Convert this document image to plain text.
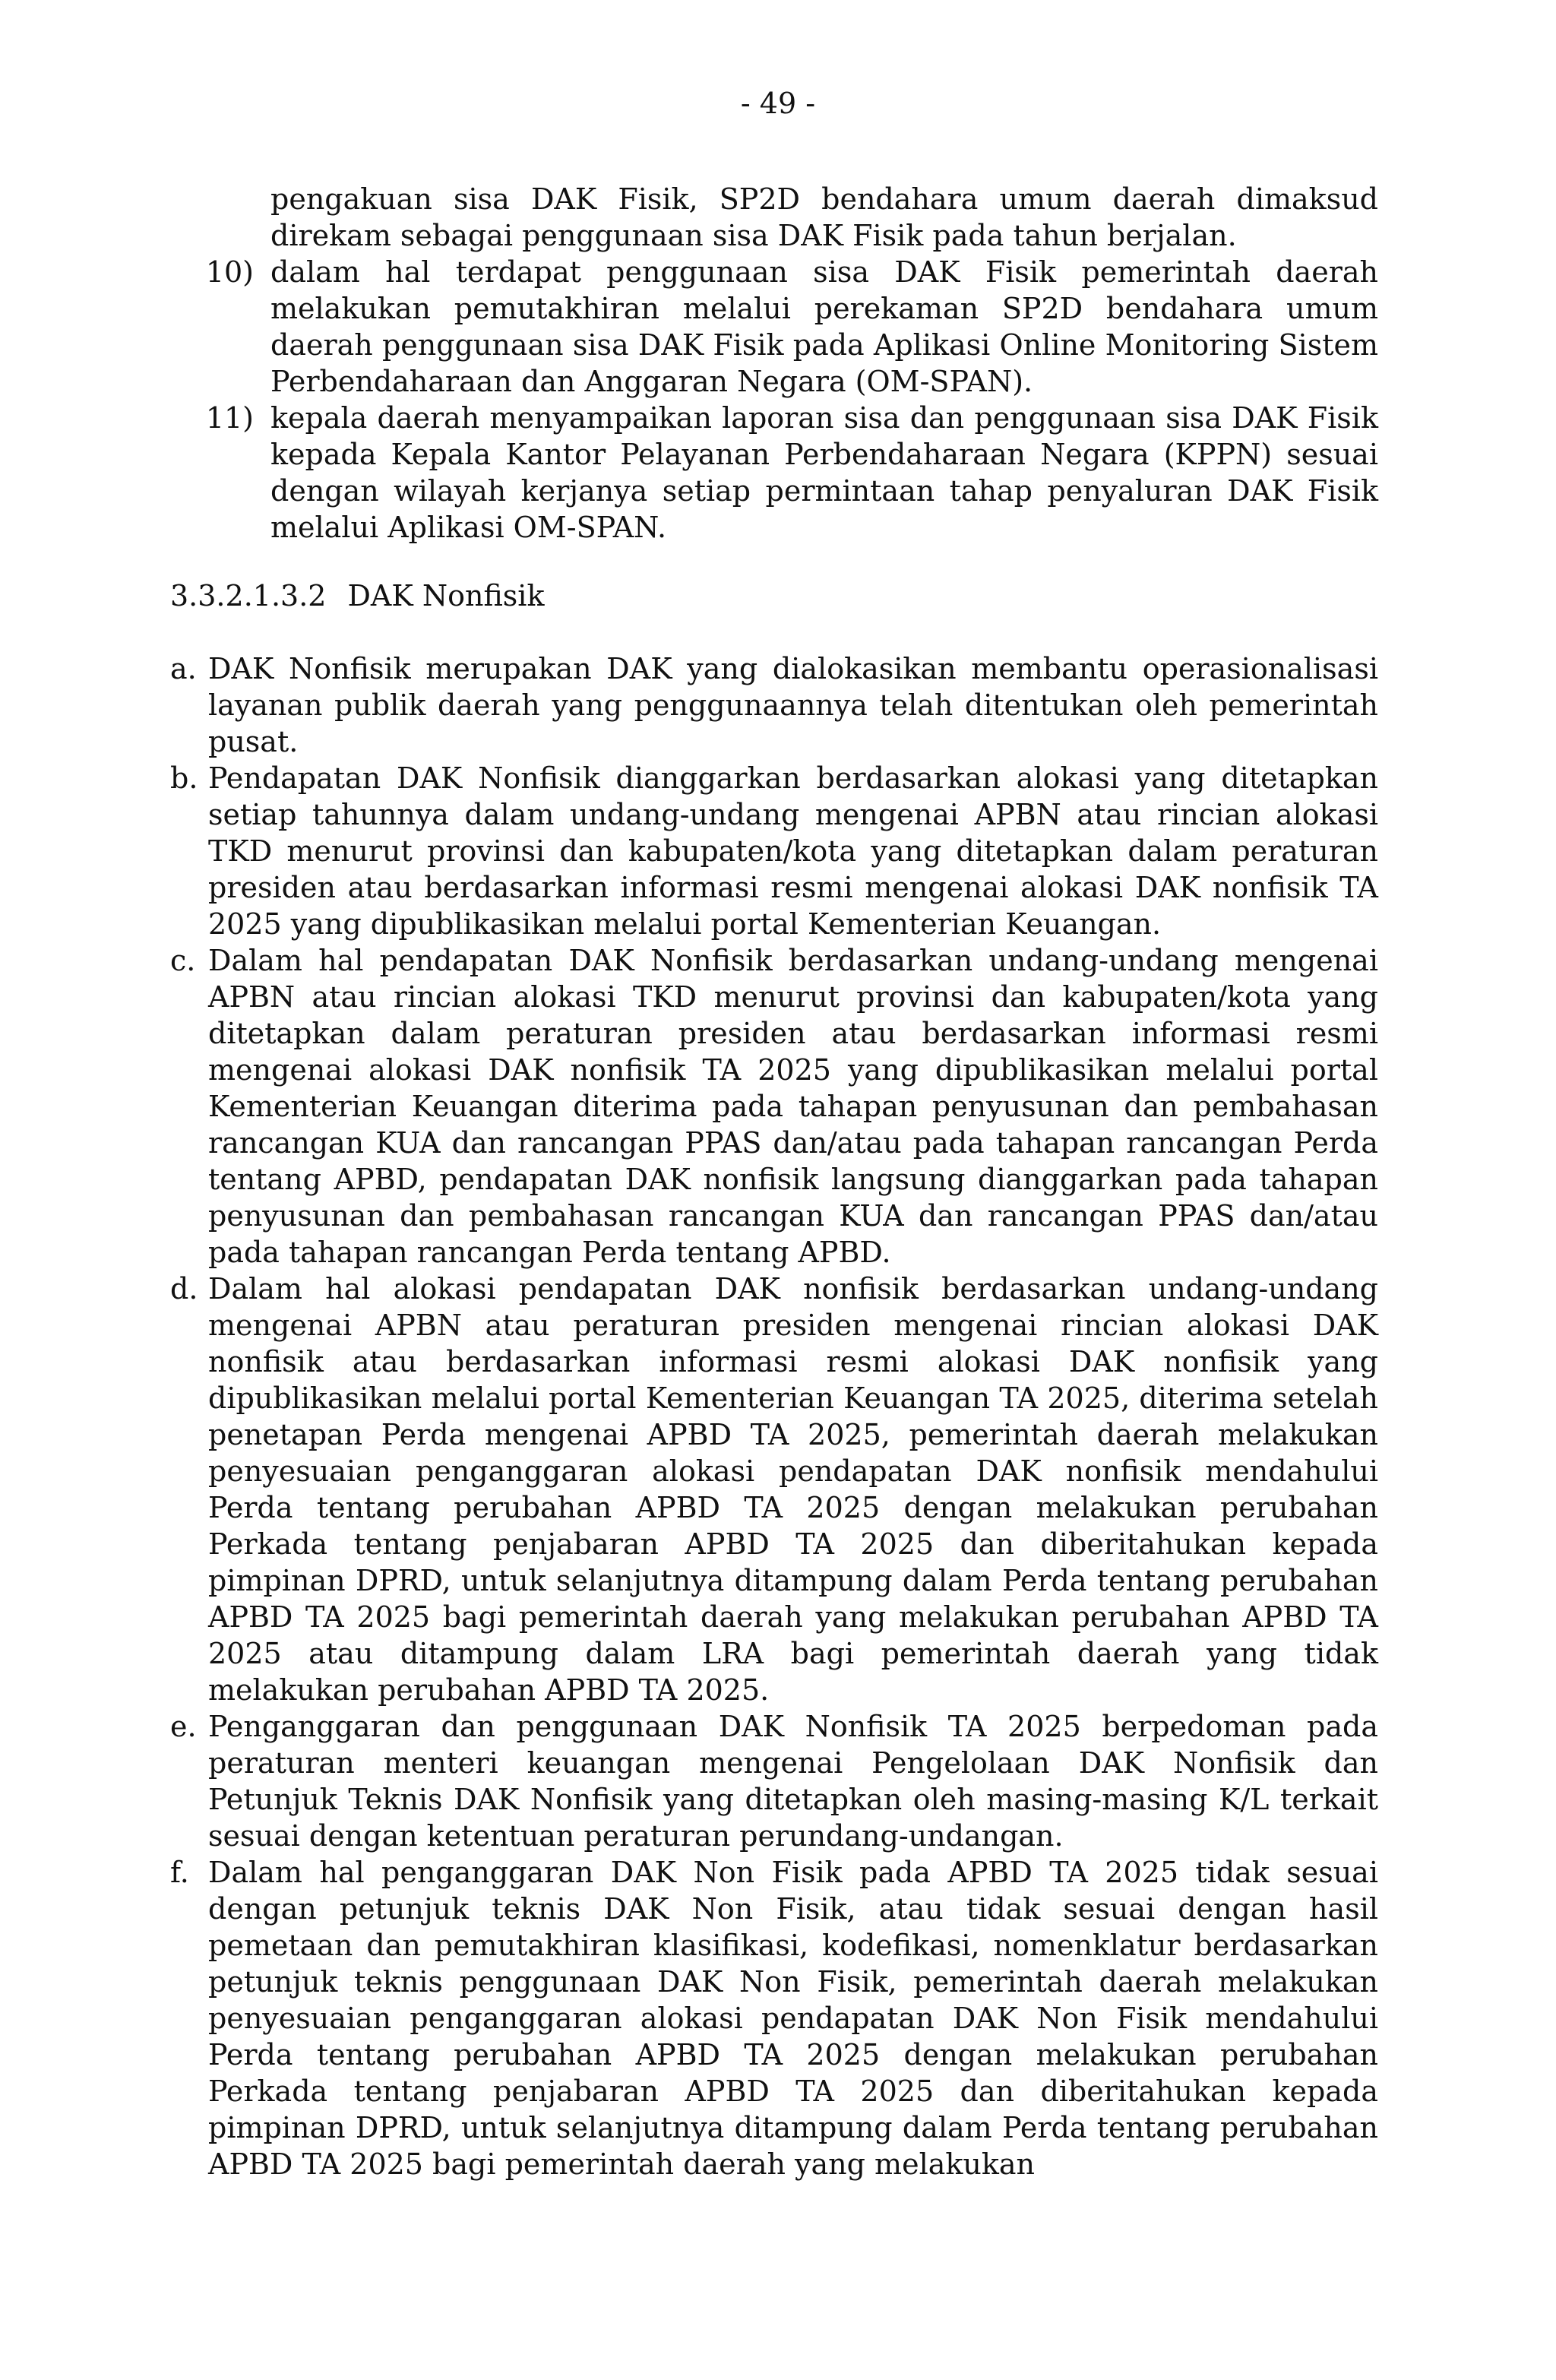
- 49 -
pengakuan sisa DAK Fisik, SP2D bendahara umum daerah dimaksud direkam sebagai penggunaan sisa DAK Fisik pada tahun berjalan.
10) dalam hal terdapat penggunaan sisa DAK Fisik pemerintah daerah melakukan pemutakhiran melalui perekaman SP2D bendahara umum daerah penggunaan sisa DAK Fisik pada Aplikasi Online Monitoring Sistem Perbendaharaan dan Anggaran Negara (OM-SPAN).
11) kepala daerah menyampaikan laporan sisa dan penggunaan sisa DAK Fisik kepada Kepala Kantor Pelayanan Perbendaharaan Negara (KPPN) sesuai dengan wilayah kerjanya setiap permintaan tahap penyaluran DAK Fisik melalui Aplikasi OM-SPAN.
3.3.2.1.3.2 DAK Nonfisik
a. DAK Nonfisik merupakan DAK yang dialokasikan membantu operasionalisasi layanan publik daerah yang penggunaannya telah ditentukan oleh pemerintah pusat.
b. Pendapatan DAK Nonfisik dianggarkan berdasarkan alokasi yang ditetapkan setiap tahunnya dalam undang-undang mengenai APBN atau rincian alokasi TKD menurut provinsi dan kabupaten/kota yang ditetapkan dalam peraturan presiden atau berdasarkan informasi resmi mengenai alokasi DAK nonfisik TA 2025 yang dipublikasikan melalui portal Kementerian Keuangan.
c. Dalam hal pendapatan DAK Nonfisik berdasarkan undang-undang mengenai APBN atau rincian alokasi TKD menurut provinsi dan kabupaten/kota yang ditetapkan dalam peraturan presiden atau berdasarkan informasi resmi mengenai alokasi DAK nonfisik TA 2025 yang dipublikasikan melalui portal Kementerian Keuangan diterima pada tahapan penyusunan dan pembahasan rancangan KUA dan rancangan PPAS dan/atau pada tahapan rancangan Perda tentang APBD, pendapatan DAK nonfisik langsung dianggarkan pada tahapan penyusunan dan pembahasan rancangan KUA dan rancangan PPAS dan/atau pada tahapan rancangan Perda tentang APBD.
d. Dalam hal alokasi pendapatan DAK nonfisik berdasarkan undang-undang mengenai APBN atau peraturan presiden mengenai rincian alokasi DAK nonfisik atau berdasarkan informasi resmi alokasi DAK nonfisik yang dipublikasikan melalui portal Kementerian Keuangan TA 2025, diterima setelah penetapan Perda mengenai APBD TA 2025, pemerintah daerah melakukan penyesuaian penganggaran alokasi pendapatan DAK nonfisik mendahului Perda tentang perubahan APBD TA 2025 dengan melakukan perubahan Perkada tentang penjabaran APBD TA 2025 dan diberitahukan kepada pimpinan DPRD, untuk selanjutnya ditampung dalam Perda tentang perubahan APBD TA 2025 bagi pemerintah daerah yang melakukan perubahan APBD TA 2025 atau ditampung dalam LRA bagi pemerintah daerah yang tidak melakukan perubahan APBD TA 2025.
e. Penganggaran dan penggunaan DAK Nonfisik TA 2025 berpedoman pada peraturan menteri keuangan mengenai Pengelolaan DAK Nonfisik dan Petunjuk Teknis DAK Nonfisik yang ditetapkan oleh masing-masing K/L terkait sesuai dengan ketentuan peraturan perundang-undangan.
f. Dalam hal penganggaran DAK Non Fisik pada APBD TA 2025 tidak sesuai dengan petunjuk teknis DAK Non Fisik, atau tidak sesuai dengan hasil pemetaan dan pemutakhiran klasifikasi, kodefikasi, nomenklatur berdasarkan petunjuk teknis penggunaan DAK Non Fisik, pemerintah daerah melakukan penyesuaian penganggaran alokasi pendapatan DAK Non Fisik mendahului Perda tentang perubahan APBD TA 2025 dengan melakukan perubahan Perkada tentang penjabaran APBD TA 2025 dan diberitahukan kepada pimpinan DPRD, untuk selanjutnya ditampung dalam Perda tentang perubahan APBD TA 2025 bagi pemerintah daerah yang melakukan
